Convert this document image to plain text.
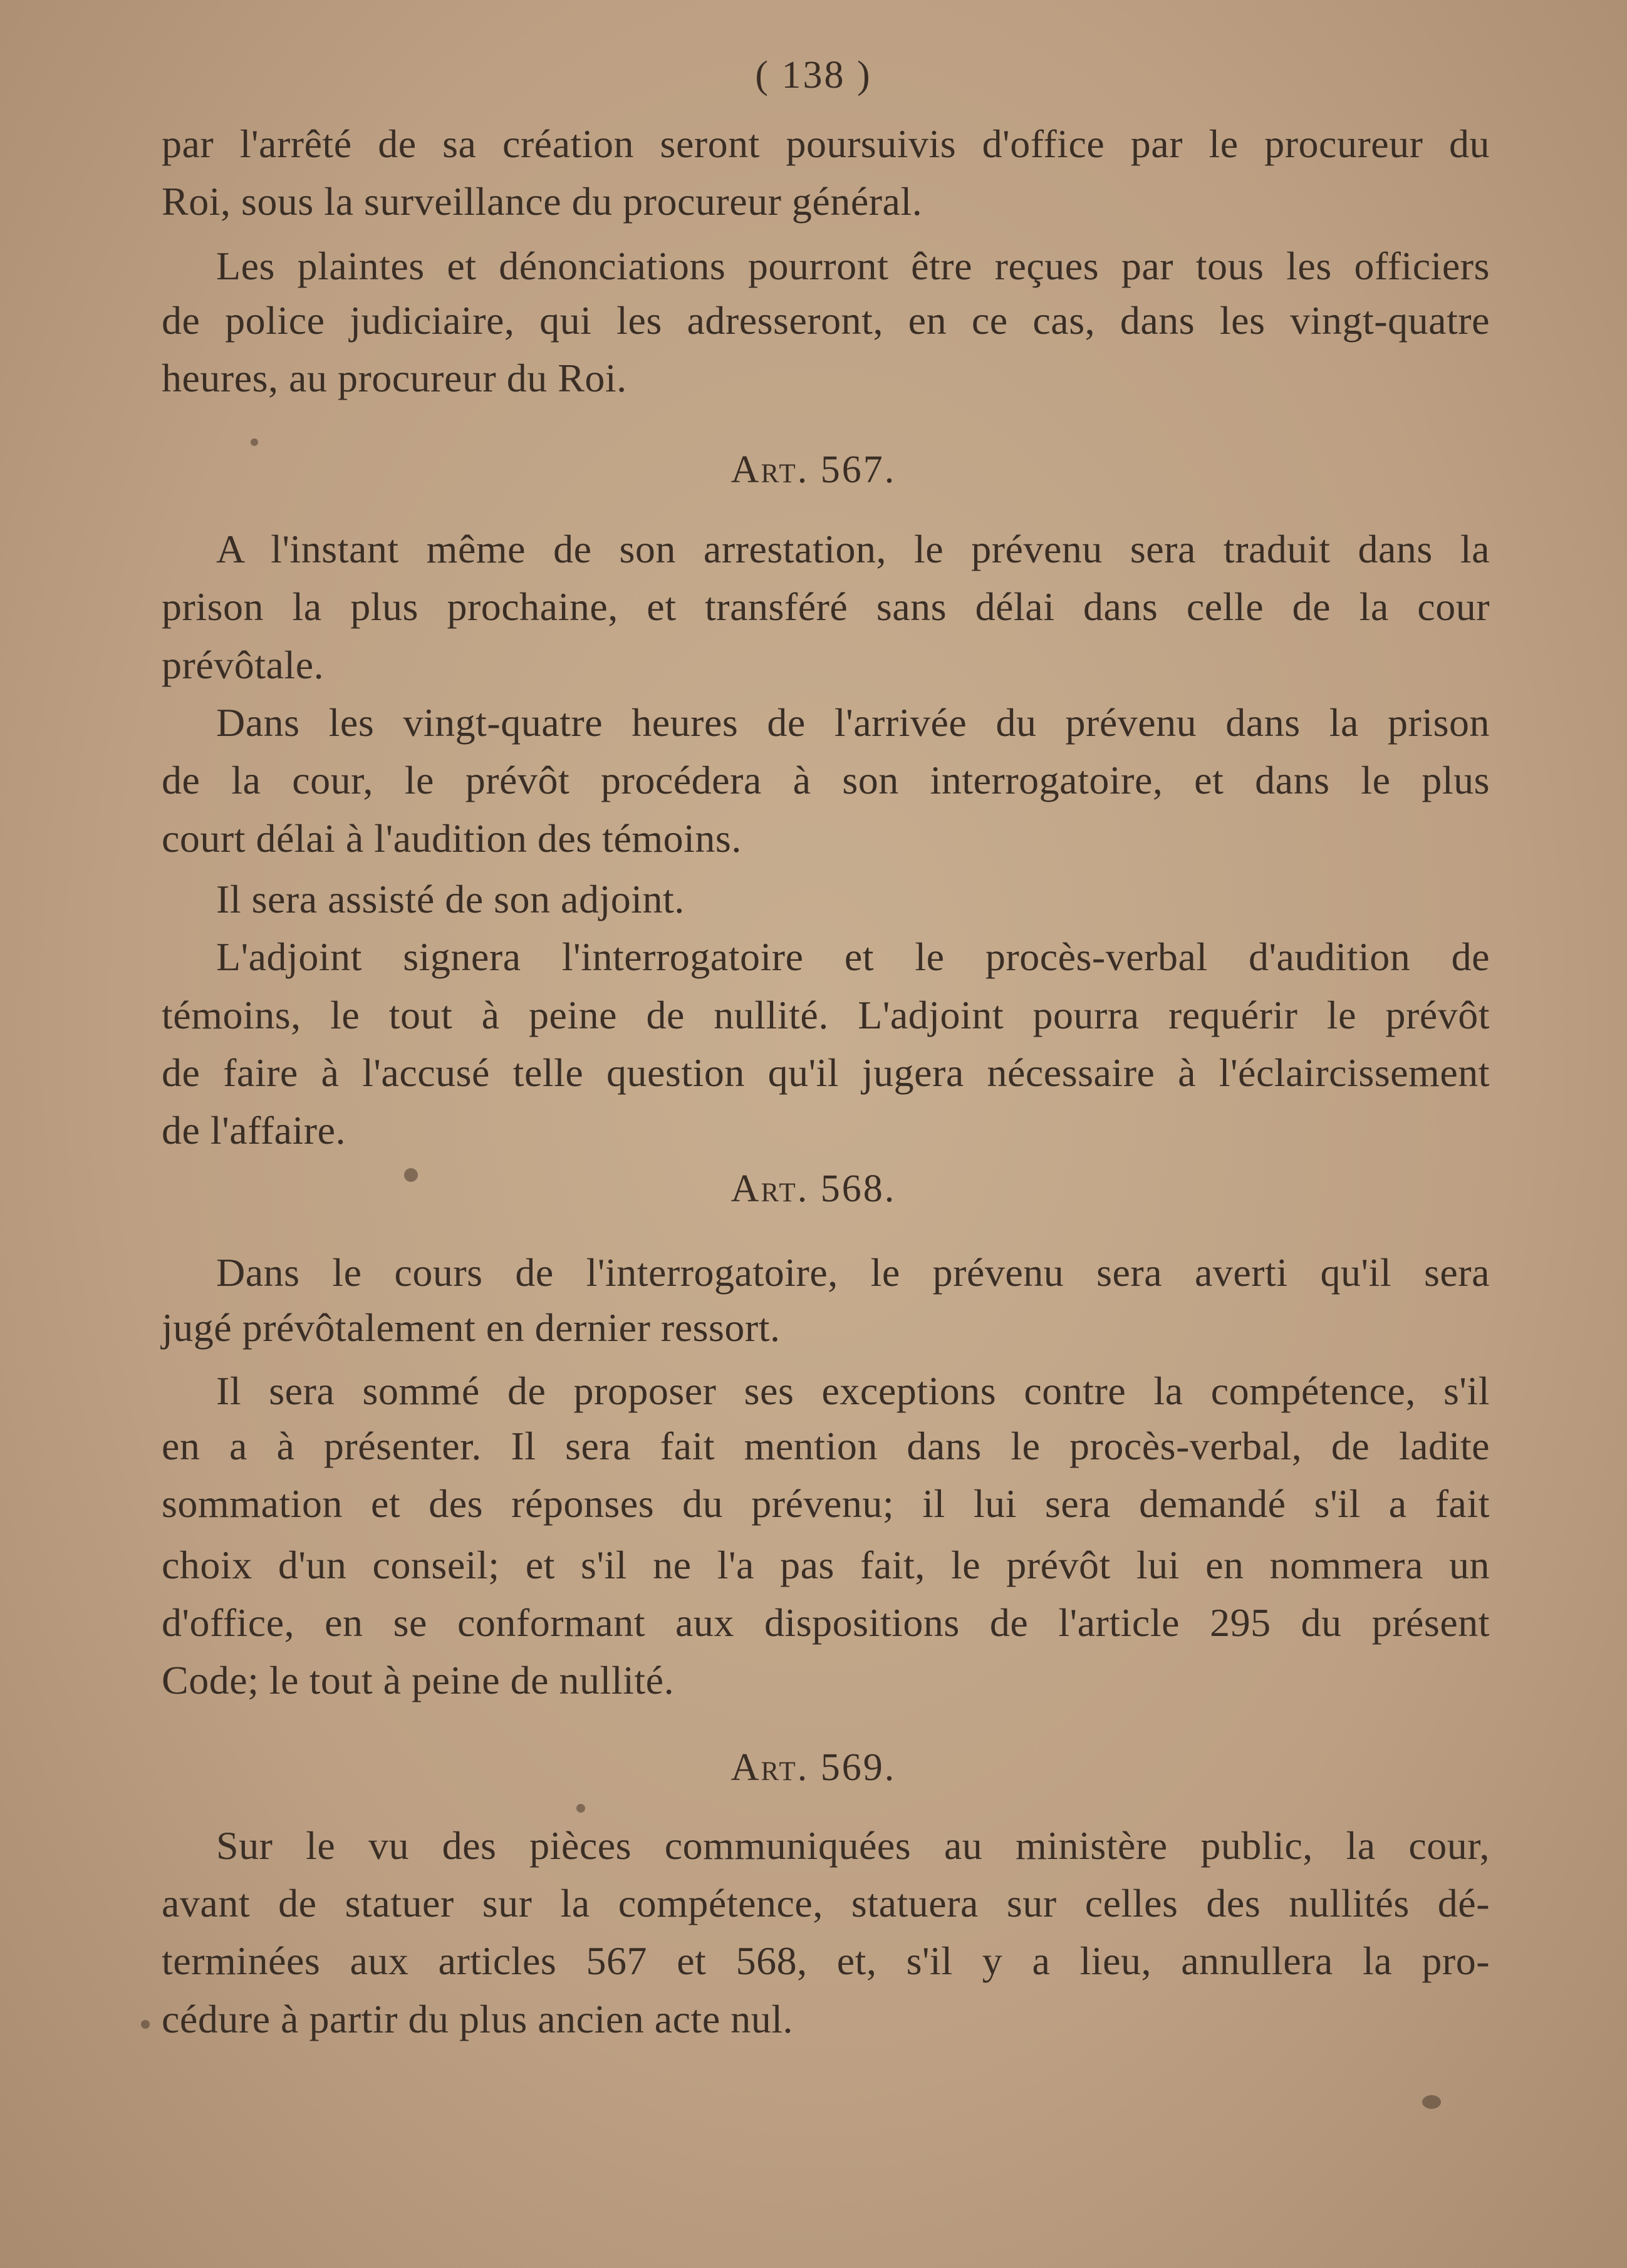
( 138 )
par l'arrêté de sa création seront poursuivis d'office par le procureur du
Roi, sous la surveillance du procureur général.
Les plaintes et dénonciations pourront être reçues par tous les officiers
de police judiciaire, qui les adresseront, en ce cas, dans les vingt-quatre
heures, au procureur du Roi.
Art. 567.
A l'instant même de son arrestation, le prévenu sera traduit dans la
prison la plus prochaine, et transféré sans délai dans celle de la cour
prévôtale.
Dans les vingt-quatre heures de l'arrivée du prévenu dans la prison
de la cour, le prévôt procédera à son interrogatoire, et dans le plus
court délai à l'audition des témoins.
Il sera assisté de son adjoint.
L'adjoint signera l'interrogatoire et le procès-verbal d'audition de
témoins, le tout à peine de nullité. L'adjoint pourra requérir le prévôt
de faire à l'accusé telle question qu'il jugera nécessaire à l'éclaircissement
de l'affaire.
Art. 568.
Dans le cours de l'interrogatoire, le prévenu sera averti qu'il sera
jugé prévôtalement en dernier ressort.
Il sera sommé de proposer ses exceptions contre la compétence, s'il
en a à présenter. Il sera fait mention dans le procès-verbal, de ladite
sommation et des réponses du prévenu; il lui sera demandé s'il a fait
choix d'un conseil; et s'il ne l'a pas fait, le prévôt lui en nommera un
d'office, en se conformant aux dispositions de l'article 295 du présent
Code; le tout à peine de nullité.
Art. 569.
Sur le vu des pièces communiquées au ministère public, la cour,
avant de statuer sur la compétence, statuera sur celles des nullités dé-
terminées aux articles 567 et 568, et, s'il y a lieu, annullera la pro-
cédure à partir du plus ancien acte nul.
